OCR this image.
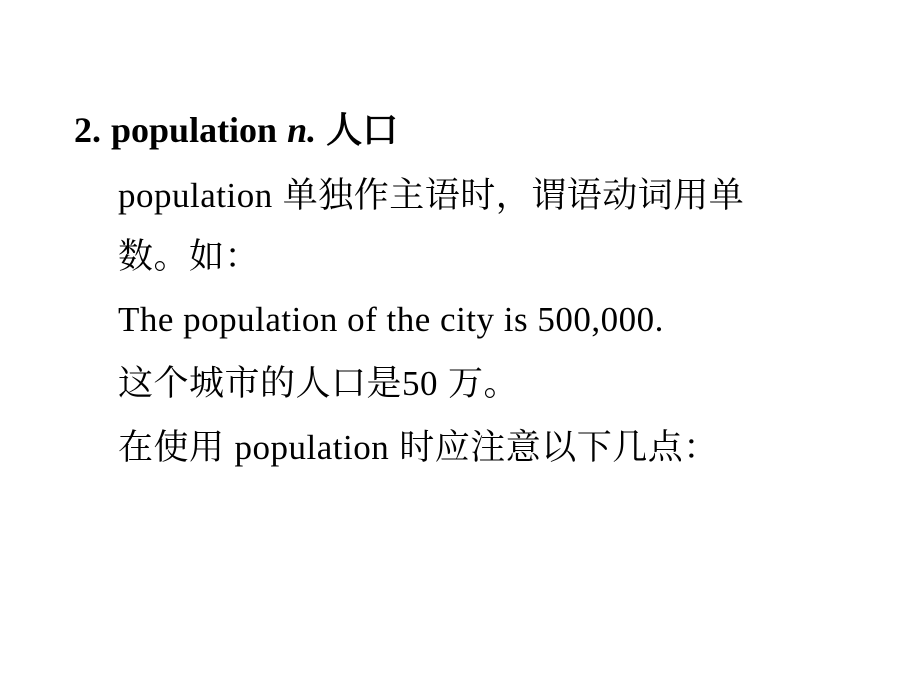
2. population n. 人口
population 单独作主语时，谓语动词用单
数。如：
The population of the city is 500,000.
这个城市的人口是50 万。
在使用 population 时应注意以下几点：
